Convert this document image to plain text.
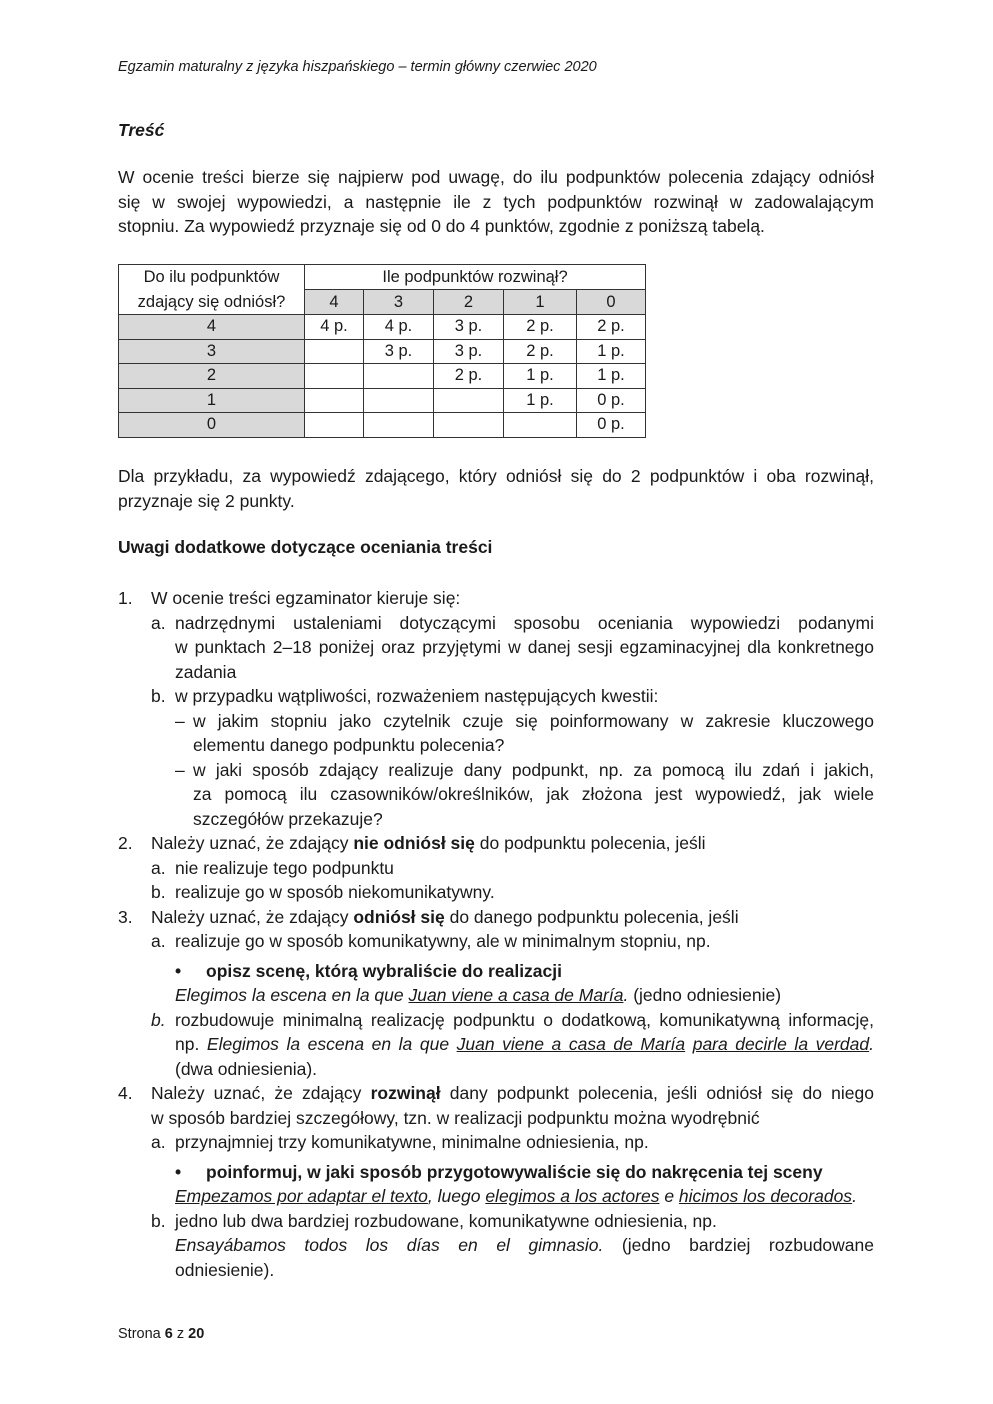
Egzamin maturalny z języka hiszpańskiego – termin główny czerwiec 2020
Treść
W ocenie treści bierze się najpierw pod uwagę, do ilu podpunktów polecenia zdający odniósł
się w swojej wypowiedzi, a następnie ile z tych podpunktów rozwinął w zadowalającym
stopniu. Za wypowiedź przyznaje się od 0 do 4 punktów, zgodnie z poniższą tabelą.
Do ilu podpunktów
zdający się odniósł?	Ile podpunktów rozwinął?				
	4	3	2	1	0
4	4 p.	4 p.	3 p.	2 p.	2 p.
3		3 p.	3 p.	2 p.	1 p.
2			2 p.	1 p.	1 p.
1				1 p.	0 p.
0					0 p.
Dla przykładu, za wypowiedź zdającego, który odniósł się do 2 podpunktów i oba rozwinął,
przyznaje się 2 punkty.
Uwagi dodatkowe dotyczące oceniania treści
1. W ocenie treści egzaminator kieruje się:
a. nadrzędnymi ustaleniami dotyczącymi sposobu oceniania wypowiedzi podanymi
w punktach 2–18 poniżej oraz przyjętymi w danej sesji egzaminacyjnej dla konkretnego
zadania
b. w przypadku wątpliwości, rozważeniem następujących kwestii:
– w jakim stopniu jako czytelnik czuje się poinformowany w zakresie kluczowego
elementu danego podpunktu polecenia?
– w jaki sposób zdający realizuje dany podpunkt, np. za pomocą ilu zdań i jakich,
za pomocą ilu czasowników/określników, jak złożona jest wypowiedź, jak wiele
szczegółów przekazuje?
2. Należy uznać, że zdający nie odniósł się do podpunktu polecenia, jeśli
a. nie realizuje tego podpunktu
b. realizuje go w sposób niekomunikatywny.
3. Należy uznać, że zdający odniósł się do danego podpunktu polecenia, jeśli
a. realizuje go w sposób komunikatywny, ale w minimalnym stopniu, np.
• opisz scenę, którą wybraliście do realizacji
Elegimos la escena en la que Juan viene a casa de María. (jedno odniesienie)
b. rozbudowuje minimalną realizację podpunktu o dodatkową, komunikatywną informację,
np. Elegimos la escena en la que Juan viene a casa de María para decirle la verdad.
(dwa odniesienia).
4. Należy uznać, że zdający rozwinął dany podpunkt polecenia, jeśli odniósł się do niego
w sposób bardziej szczegółowy, tzn. w realizacji podpunktu można wyodrębnić
a. przynajmniej trzy komunikatywne, minimalne odniesienia, np.
• poinformuj, w jaki sposób przygotowywaliście się do nakręcenia tej sceny
Empezamos por adaptar el texto, luego elegimos a los actores e hicimos los decorados.
b. jedno lub dwa bardziej rozbudowane, komunikatywne odniesienia, np.
Ensayábamos todos los días en el gimnasio. (jedno bardziej rozbudowane
odniesienie).
Strona 6 z 20
